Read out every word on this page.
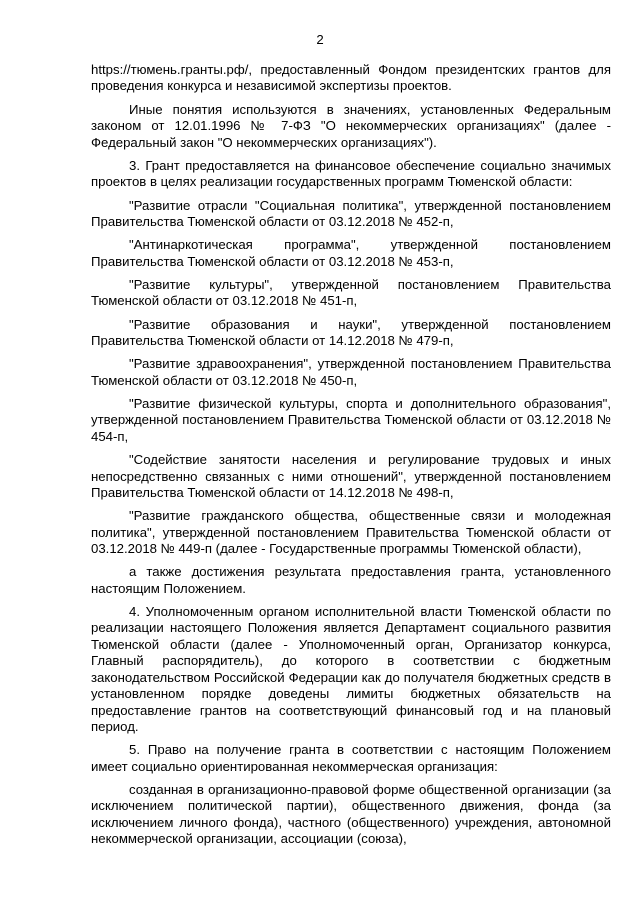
2

https://тюмень.гранты.рф/, предоставленный Фондом президентских грантов для проведения конкурса и независимой экспертизы проектов.

Иные понятия используются в значениях, установленных Федеральным законом от 12.01.1996 № 7-ФЗ "О некоммерческих организациях" (далее - Федеральный закон "О некоммерческих организациях").

3. Грант предоставляется на финансовое обеспечение социально значимых проектов в целях реализации государственных программ Тюменской области:

"Развитие отрасли "Социальная политика", утвержденной постановлением Правительства Тюменской области от 03.12.2018 № 452-п,

"Антинаркотическая программа", утвержденной постановлением Правительства Тюменской области от 03.12.2018 № 453-п,

"Развитие культуры", утвержденной постановлением Правительства Тюменской области от 03.12.2018 № 451-п,

"Развитие образования и науки", утвержденной постановлением Правительства Тюменской области от 14.12.2018 № 479-п,

"Развитие здравоохранения", утвержденной постановлением Правительства Тюменской области от 03.12.2018 № 450-п,

"Развитие физической культуры, спорта и дополнительного образования", утвержденной постановлением Правительства Тюменской области от 03.12.2018 № 454-п,

"Содействие занятости населения и регулирование трудовых и иных непосредственно связанных с ними отношений", утвержденной постановлением Правительства Тюменской области от 14.12.2018 № 498-п,

"Развитие гражданского общества, общественные связи и молодежная политика", утвержденной постановлением Правительства Тюменской области от 03.12.2018 № 449-п (далее - Государственные программы Тюменской области),

а также достижения результата предоставления гранта, установленного настоящим Положением.

4. Уполномоченным органом исполнительной власти Тюменской области по реализации настоящего Положения является Департамент социального развития Тюменской области (далее - Уполномоченный орган, Организатор конкурса, Главный распорядитель), до которого в соответствии с бюджетным законодательством Российской Федерации как до получателя бюджетных средств в установленном порядке доведены лимиты бюджетных обязательств на предоставление грантов на соответствующий финансовый год и на плановый период.

5. Право на получение гранта в соответствии с настоящим Положением имеет социально ориентированная некоммерческая организация:

созданная в организационно-правовой форме общественной организации (за исключением политической партии), общественного движения, фонда (за исключением личного фонда), частного (общественного) учреждения, автономной некоммерческой организации, ассоциации (союза),
